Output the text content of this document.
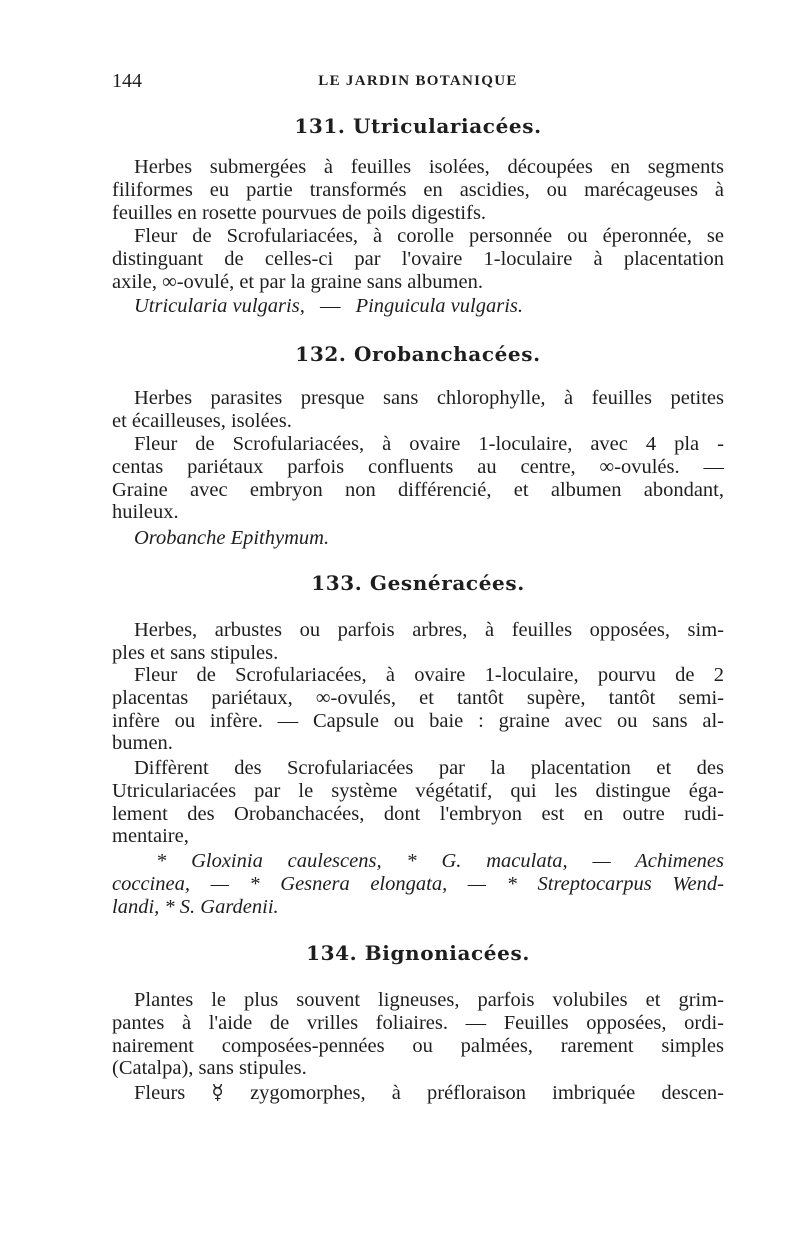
144	LE JARDIN BOTANIQUE
131. Utriculariacées.

Herbes submergées à feuilles isolées, découpées en segments
filiformes eu partie transformés en ascidies, ou marécageuses à
feuilles en rosette pourvues de poils digestifs.

Fleur de Scrofulariacées, à corolle personnée ou éperonnée, se
distinguant de celles-ci par l'ovaire 1-loculaire à placentation
axile, ∞-ovulé, et par la graine sans albumen.

Utricularia vulgaris, — Pinguicula vulgaris.
132. Orobanchacées.

Herbes parasites presque sans chlorophylle, à feuilles petites
et écailleuses, isolées.

Fleur de Scrofulariacées, à ovaire 1-loculaire, avec 4 pla -
centas pariétaux parfois confluents au centre, ∞-ovulés. —
Graine avec embryon non différencié, et albumen abondant,
huileux.

Orobanche Epithymum.
133. Gesnéracées.

Herbes, arbustes ou parfois arbres, à feuilles opposées, sim-
ples et sans stipules.

Fleur de Scrofulariacées, à ovaire 1-loculaire, pourvu de 2
placentas pariétaux, ∞-ovulés, et tantôt supère, tantôt semi-
infère ou infère. — Capsule ou baie : graine avec ou sans al-
bumen.

Diffèrent des Scrofulariacées par la placentation et des
Utriculariacées par le système végétatif, qui les distingue éga-
lement des Orobanchacées, dont l'embryon est en outre rudi-
mentaire,

* Gloxinia caulescens, * G. maculata, — Achimenes
coccinea, — * Gesnera elongata, — * Streptocarpus Wend-
landi, * S. Gardenii.

134. Bignoniacées.

Plantes le plus souvent ligneuses, parfois volubiles et grim-
pantes à l'aide de vrilles foliaires. — Feuilles opposées, ordi-
nairement composées-pennées ou palmées, rarement simples
(Catalpa), sans stipules.

Fleurs ☿ zygomorphes, à préfloraison imbriquée descen-
